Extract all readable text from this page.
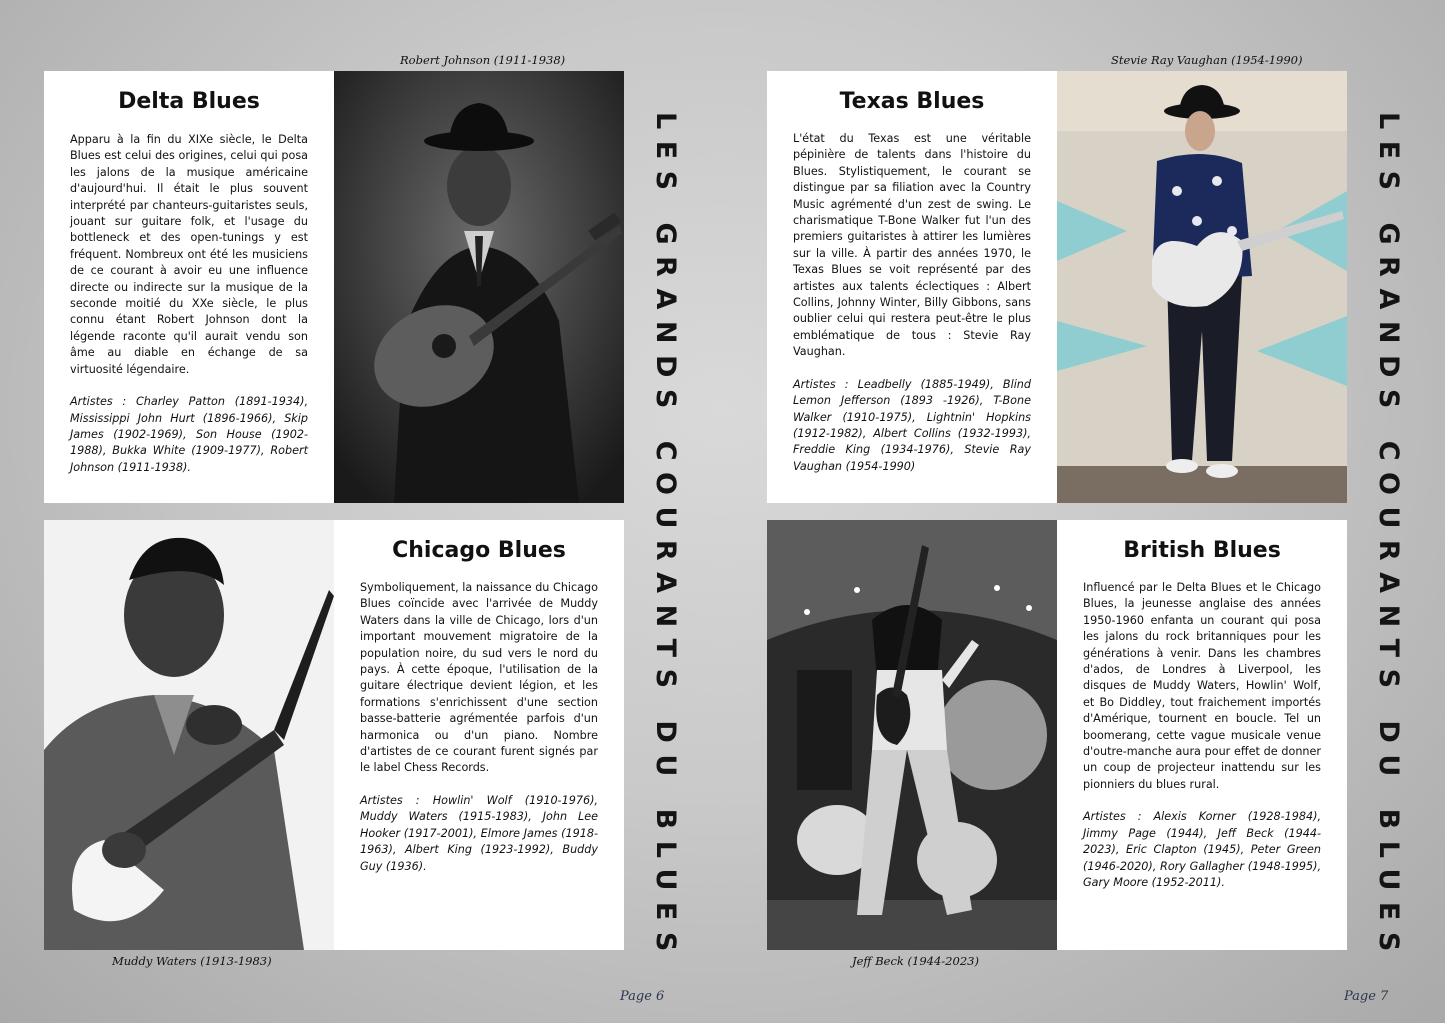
Robert Johnson (1911-1938)
Delta Blues

Apparu à la fin du XIXe siècle, le Delta Blues est celui des origines, celui qui posa les jalons de la musique américaine d'aujourd'hui. Il était le plus souvent interprété par chanteurs-guitaristes seuls, jouant sur guitare folk, et l'usage du bottleneck et des open-tunings y est fréquent. Nombreux ont été les musiciens de ce courant à avoir eu une influence directe ou indirecte sur la musique de la seconde moitié du XXe siècle, le plus connu étant Robert Johnson dont la légende raconte qu'il aurait vendu son âme au diable en échange de sa virtuosité légendaire.

Artistes : Charley Patton (1891-1934), Mississippi John Hurt (1896-1966), Skip James (1902-1969), Son House (1902-1988), Bukka White (1909-1977), Robert Johnson (1911-1938).

Muddy Waters (1913-1983)
Chicago Blues

Symboliquement, la naissance du Chicago Blues coïncide avec l'arrivée de Muddy Waters dans la ville de Chicago, lors d'un important mouvement migratoire de la population noire, du sud vers le nord du pays. À cette époque, l'utilisation de la guitare électrique devient légion, et les formations s'enrichissent d'une section basse-batterie agrémentée parfois d'un harmonica ou d'un piano. Nombre d'artistes de ce courant furent signés par le label Chess Records.

Artistes : Howlin' Wolf (1910-1976), Muddy Waters (1915-1983), John Lee Hooker (1917-2001), Elmore James (1918-1963), Albert King (1923-1992), Buddy Guy (1936).	LES GRANDS COURANTS DU BLUES
Page 6
Stevie Ray Vaughan (1954-1990)
Texas Blues

L'état du Texas est une véritable pépinière de talents dans l'histoire du Blues. Stylistiquement, le courant se distingue par sa filiation avec la Country Music agrémenté d'un zest de swing. Le charismatique T-Bone Walker fut l'un des premiers guitaristes à attirer les lumières sur la ville. À partir des années 1970, le Texas Blues se voit représenté par des artistes aux talents éclectiques : Albert Collins, Johnny Winter, Billy Gibbons, sans oublier celui qui restera peut-être le plus emblématique de tous : Stevie Ray Vaughan.

Artistes : Leadbelly (1885-1949), Blind Lemon Jefferson (1893 -1926), T-Bone Walker (1910-1975), Lightnin' Hopkins (1912-1982), Albert Collins (1932-1993), Freddie King (1934-1976), Stevie Ray Vaughan (1954-1990)

Jeff Beck (1944-2023)
British Blues

Influencé par le Delta Blues et le Chicago Blues, la jeunesse anglaise des années 1950-1960 enfanta un courant qui posa les jalons du rock britanniques pour les générations à venir. Dans les chambres d'ados, de Londres à Liverpool, les disques de Muddy Waters, Howlin' Wolf, et Bo Diddley, tout fraichement importés d'Amérique, tournent en boucle. Tel un boomerang, cette vague musicale venue d'outre-manche aura pour effet de donner un coup de projecteur inattendu sur les pionniers du blues rural.

Artistes : Alexis Korner (1928-1984), Jimmy Page (1944), Jeff Beck (1944-2023), Eric Clapton (1945), Peter Green (1946-2020), Rory Gallagher (1948-1995), Gary Moore (1952-2011).	LES GRANDS COURANTS DU BLUES
Page 7
